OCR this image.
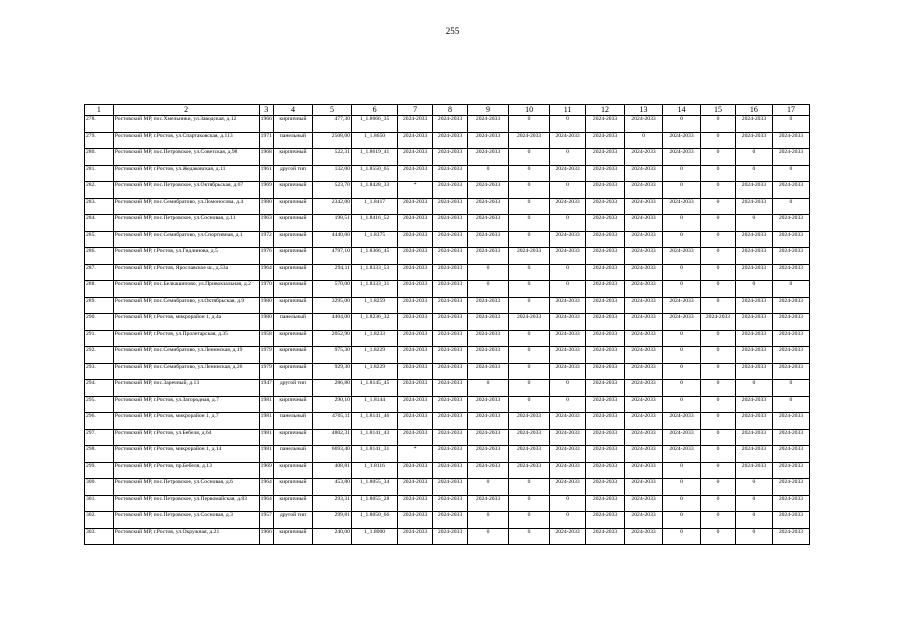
255
1	2	3	4	5	6	7	8	9	10	11	12	13	14	15	16	17
278.	Ростовский МР, пос.Хмельники, ул.Заводская, д.12	1966	кирпичный	477,30	1_1.8666_35	2024-2033	2024-2033	2024-2033	0	0	2024-2033	2024-2033	0	0	2024-2033	0
279.	Ростовский МР, г.Ростов, ул.Спартаковская, д.113	1971	панельный	2508,00	1_1.8650	2024-2033	2024-2033	2024-2033	2024-2033	2024-2033	2024-2033	0	2024-2033	0	2024-2033	2024-2033
280.	Ростовский МР, пос.Петровское, ул.Советская, д.98	1968	кирпичный	522,31	1_1.8619_41	2024-2033	2024-2033	2024-2033	0	0	2024-2033	2024-2033	2024-2033	0	0	2024-2033
281.	Ростовский МР, г.Ростов, ул.Жедаковская, д.11	1961	другой тип	132,00	1_1.8550_65	2024-2033	2024-2033	0	0	2024-2033	2024-2033	2024-2033	0	0	0	0
282.	Ростовский МР, пос.Петровское, ул.Октябрьская, д.67	1969	кирпичный	523,70	1_1.8428_33	*	2024-2033	2024-2033	0	0	2024-2033	2024-2033	0	0	2024-2033	2024-2033
283.	Ростовский МР, пос.Семибратово, ул.Ломоносова, д.4	1980	кирпичный	2342,00	1_1.8417	2024-2033	2024-2033	2024-2033	0	2024-2033	2024-2033	2024-2033	2024-2033	0	2024-2033	0
284.	Ростовский МР, пос.Петровское, ул.Сосновая, д.11	1963	кирпичный	198,51	1_1.8416_52	2024-2033	2024-2033	2024-2033	0	0	2024-2033	2024-2033	0	0	0	2024-2033
285.	Ростовский МР, пос.Семибратово, ул.Спортивная, д.1	1972	кирпичный	4440,00	1_1.8375	2024-2033	2024-2033	2024-2033	0	2024-2033	2024-2033	2024-2033	0	0	2024-2033	2024-2033
286.	Ростовский МР, г.Ростов, ул.Гидлинова, д.5	1976	кирпичный	4797,10	1_1.8366_45	2024-2033	2024-2033	2024-2033	2024-2033	2024-2033	2024-2033	2024-2033	2024-2033	0	2024-2033	2024-2033
287.	Ростовский МР, г.Ростов, Ярославское ш., д.53а	1964	кирпичный	294,11	1_1.8333_53	2024-2033	2024-2033	0	0	0	2024-2033	2024-2033	0	0	2024-2033	2024-2033
288.	Ростовский МР, пос.Белкашипово, ул.Привокзальная, д.2	1970	кирпичный	570,00	1_1.8333_31	2024-2033	2024-2033	0	0	0	2024-2033	2024-2033	0	0	0	0
289.	Ростовский МР, пос.Семибратово, ул.Октябрьская, д.9	1980	кирпичный	3295,00	1_1.8259	2024-2033	2024-2033	2024-2033	0	2024-2033	2024-2033	2024-2033	2024-2033	0	2024-2033	2024-2033
290.	Ростовский МР, г.Ростов, микрорайон 1, д.4а	1980	панельный	4404,00	1_1.8236_32	2024-2033	2024-2033	2024-2033	2024-2033	2024-2033	2024-2033	2024-2033	2024-2033	2024-2033	2024-2033	2024-2033
291.	Ростовский МР, г.Ростов, ул.Пролетарская, д.35	1958	кирпичный	2052,90	1_1.8233	2024-2033	2024-2033	2024-2033	0	2024-2033	2024-2033	2024-2033	0	0	2024-2033	2024-2033
292.	Ростовский МР, пос.Семибратово, ул.Ленинская, д.19	1979	кирпичный	975,30	1_1.8229	2024-2033	2024-2033	2024-2033	0	2024-2033	2024-2033	2024-2033	0	0	2024-2033	2024-2033
293.	Ростовский МР, пос.Семибратово, ул.Ленинская, д.26	1979	кирпичный	929,30	1_1.8229	2024-2033	2024-2033	2024-2033	0	2024-2033	2024-2033	2024-2033	0	0	2024-2033	2024-2033
294.	Ростовский МР, пос.Заречный, д.13	1947	другой тип	286,80	1_1.8145_45	2024-2033	2024-2033	0	0	0	2024-2033	2024-2033	0	0	0	0
295.	Ростовский МР, г.Ростов, ул.Загородная, д.7	1981	кирпичный	290,10	1_1.8144	2024-2033	2024-2033	2024-2033	0	0	2024-2033	2024-2033	0	0	2024-2033	0
296.	Ростовский МР, г.Ростов, микрорайон 1, д.7	1981	панельный	4705,11	1_1.8141_46	2024-2033	2024-2033	2024-2033	2024-2033	2024-2033	2024-2033	2024-2033	2024-2033	0	2024-2033	2024-2033
297.	Ростовский МР, г.Ростов, ул.Бебеля, д.64	1981	кирпичный	4802,31	1_1.8141_43	2024-2033	2024-2033	2024-2033	2024-2033	2024-2033	2024-2033	2024-2033	2024-2033	0	2024-2033	2024-2033
298.	Ростовский МР, г.Ростов, микрорайон 1, д.14	1981	панельный	6693,40	1_1.8141_31	*	2024-2033	2024-2033	2024-2033	2024-2033	2024-2033	2024-2033	2024-2033	0	2024-2033	2024-2033
299.	Ростовский МР, г.Ростов, пр.Бебеля, д.13	1969	кирпичный	408,81	1_1.8116	2024-2033	2024-2033	2024-2033	2024-2033	2024-2033	2024-2033	2024-2033	0	0	2024-2033	2024-2033
300.	Ростовский МР, пос.Петровское, ул.Сосновая, д.6	1964	кирпичный	453,80	1_1.8055_34	2024-2033	2024-2033	0	0	2024-2033	2024-2033	2024-2033	0	0	0	2024-2033
301.	Ростовский МР, пос.Петровское, ул.Первомайская, д.83	1964	кирпичный	293,31	1_1.8055_28	2024-2033	2024-2033	2024-2033	0	0	2024-2033	2024-2033	0	0	0	2024-2033
302.	Ростовский МР, пос.Петровское, ул.Сосновая, д.3	1957	другой тип	299,81	1_1.8050_66	2024-2033	2024-2033	0	0	0	2024-2033	2024-2033	0	0	0	2024-2033
303.	Ростовский МР, г.Ростов, ул.Окружная, д.21	1966	кирпичный	240,00	1_1.8000	2024-2033	2024-2033	0	0	2024-2033	2024-2033	2024-2033	0	0	0	2024-2033
